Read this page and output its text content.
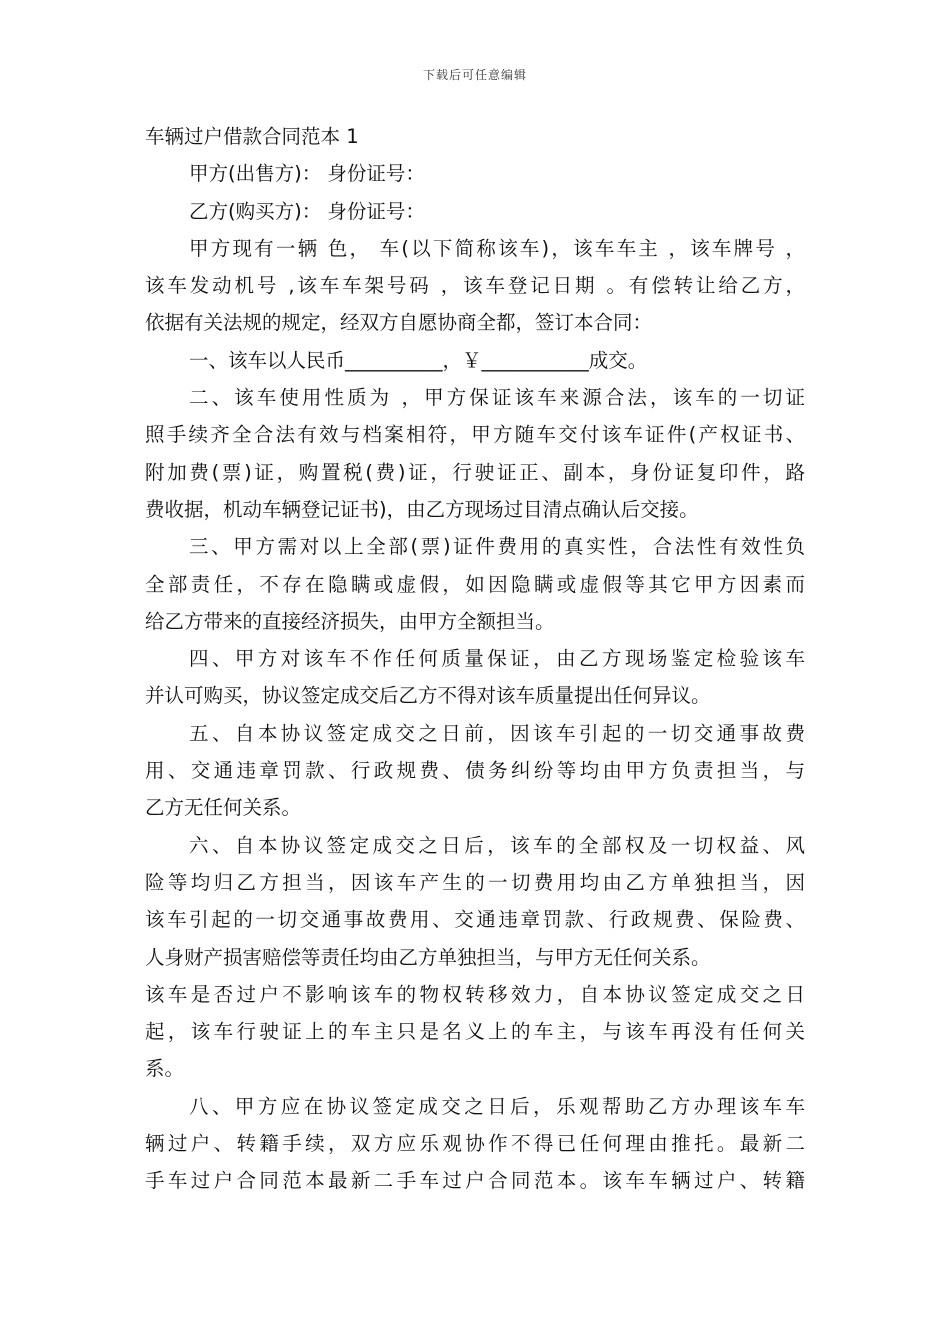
下载后可任意编辑
车辆过户借款合同范本 1
甲方(出售方)： 身份证号：
乙方(购买方)： 身份证号：
甲方现有一辆 色， 车(以下简称该车)，该车车主 ，该车牌号 ，
该车发动机号 ,该车车架号码 ，该车登记日期 。有偿转让给乙方，
依据有关法规的规定，经双方自愿协商全都，签订本合同：
一、该车以人民币__________，￥___________成交。
二、该车使用性质为 ，甲方保证该车来源合法，该车的一切证
照手续齐全合法有效与档案相符，甲方随车交付该车证件(产权证书、
附加费(票)证，购置税(费)证，行驶证正、副本，身份证复印件，路
费收据，机动车辆登记证书)，由乙方现场过目清点确认后交接。
三、甲方需对以上全部(票)证件费用的真实性，合法性有效性负
全部责任，不存在隐瞒或虚假，如因隐瞒或虚假等其它甲方因素而
给乙方带来的直接经济损失，由甲方全额担当。
四、甲方对该车不作任何质量保证，由乙方现场鉴定检验该车
并认可购买，协议签定成交后乙方不得对该车质量提出任何异议。
五、自本协议签定成交之日前，因该车引起的一切交通事故费
用、交通违章罚款、行政规费、债务纠纷等均由甲方负责担当，与
乙方无任何关系。
六、自本协议签定成交之日后，该车的全部权及一切权益、风
险等均归乙方担当，因该车产生的一切费用均由乙方单独担当，因
该车引起的一切交通事故费用、交通违章罚款、行政规费、保险费、
人身财产损害赔偿等责任均由乙方单独担当，与甲方无任何关系。
该车是否过户不影响该车的物权转移效力，自本协议签定成交之日
起，该车行驶证上的车主只是名义上的车主，与该车再没有任何关
系。
八、甲方应在协议签定成交之日后，乐观帮助乙方办理该车车
辆过户、转籍手续，双方应乐观协作不得已任何理由推托。最新二
手车过户合同范本最新二手车过户合同范本。该车车辆过户、转籍
